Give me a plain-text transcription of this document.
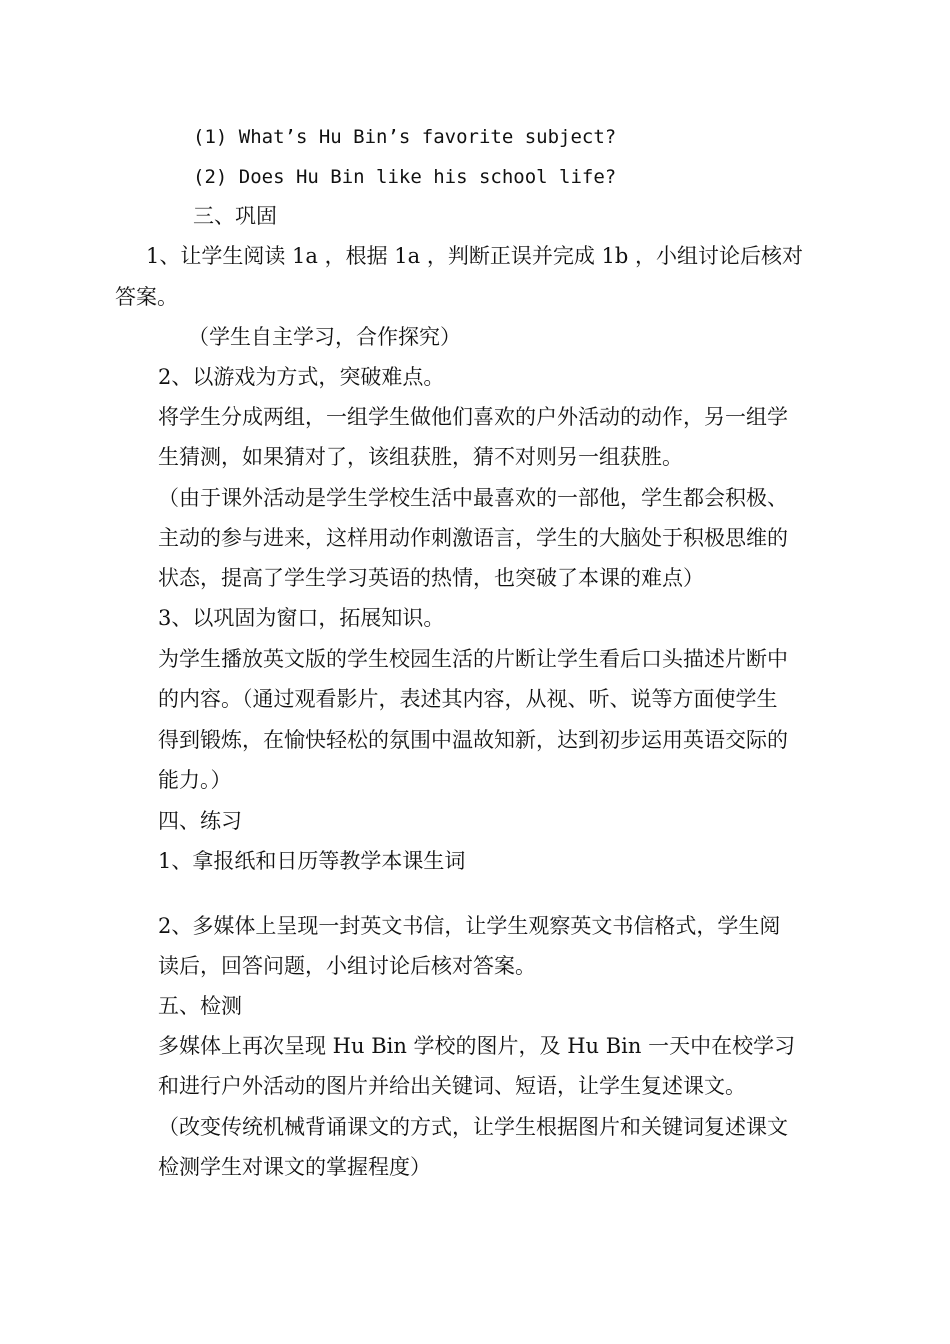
(1) What’s Hu Bin’s favorite subject?
(2) Does Hu Bin like his school life?
三、巩固
1、让学生阅读 1a ，根据 1a ，判断正误并完成 1b ，小组讨论后核对
答案。
（学生自主学习，合作探究）
2、以游戏为方式，突破难点。
将学生分成两组，一组学生做他们喜欢的户外活动的动作，另一组学
生猜测，如果猜对了，该组获胜，猜不对则另一组获胜。
（由于课外活动是学生学校生活中最喜欢的一部他，学生都会积极、
主动的参与进来，这样用动作刺激语言，学生的大脑处于积极思维的
状态，提高了学生学习英语的热情，也突破了本课的难点）
3、以巩固为窗口，拓展知识。
为学生播放英文版的学生校园生活的片断让学生看后口头描述片断中
的内容。（通过观看影片，表述其内容，从视、听、说等方面使学生
得到锻炼，在愉快轻松的氛围中温故知新，达到初步运用英语交际的
能力。）
四、练习
1、拿报纸和日历等教学本课生词
2、多媒体上呈现一封英文书信，让学生观察英文书信格式，学生阅
读后，回答问题，小组讨论后核对答案。
五、检测
多媒体上再次呈现 Hu Bin 学校的图片，及 Hu Bin 一天中在校学习
和进行户外活动的图片并给出关键词、短语，让学生复述课文。
（改变传统机械背诵课文的方式，让学生根据图片和关键词复述课文
检测学生对课文的掌握程度）
